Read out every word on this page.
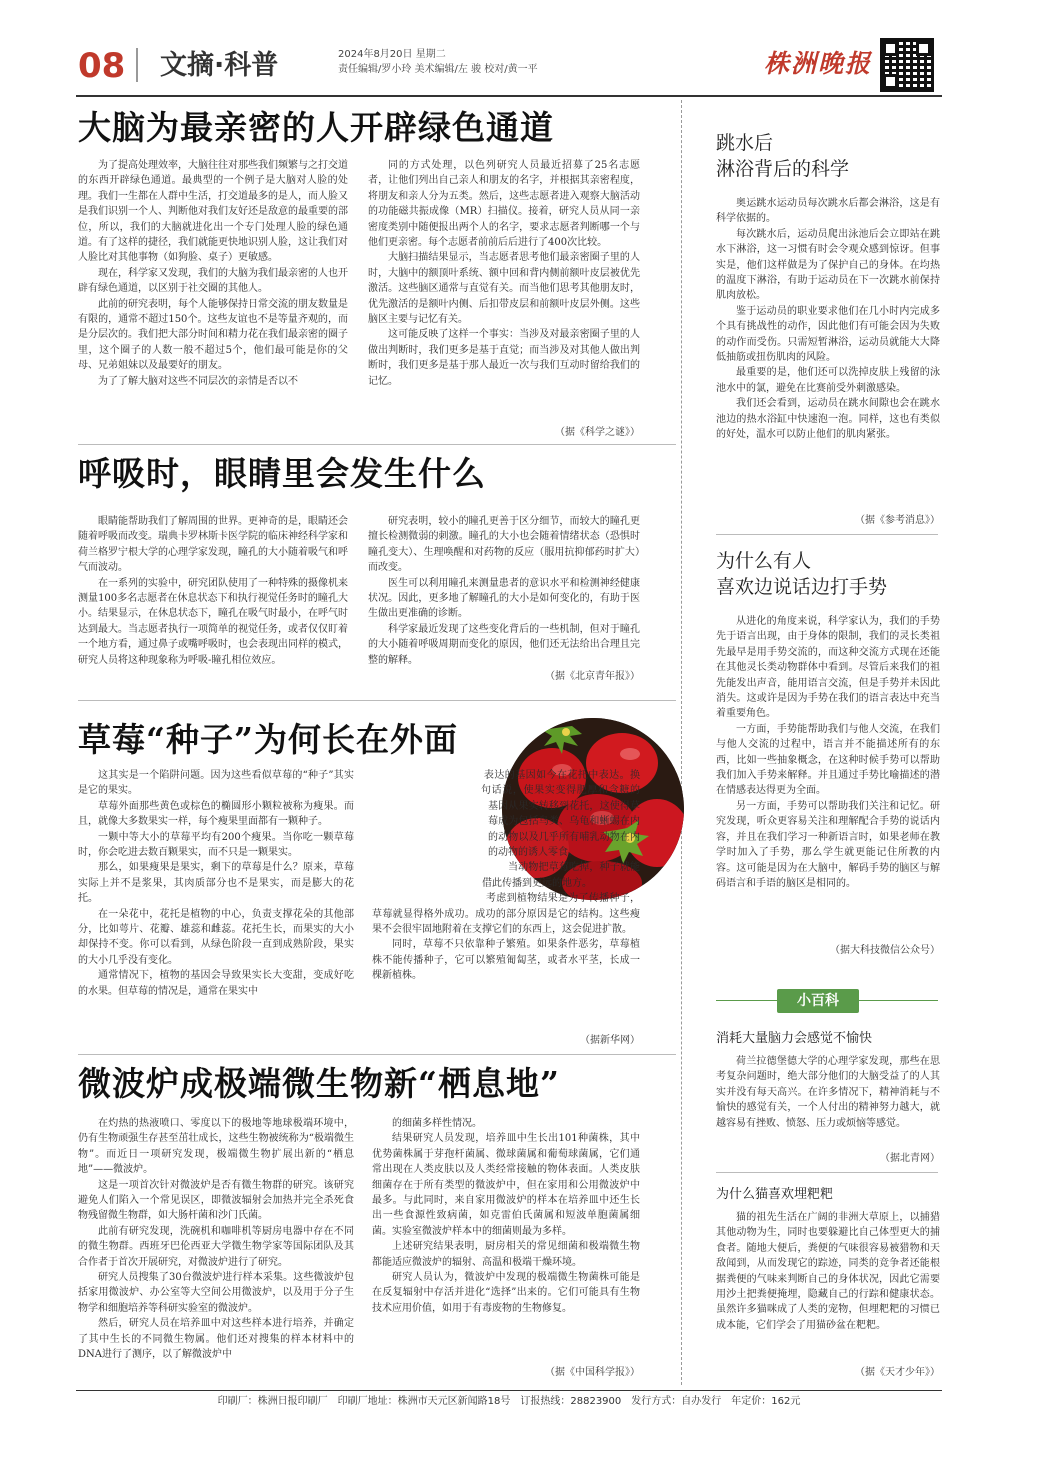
08 文摘·科普	2024年8月20日 星期二
责任编辑/罗小玲 美术编辑/左 骏 校对/黄一平	株洲晚报
大脑为最亲密的人开辟绿色通道
为了提高处理效率，大脑往往对那些我们频繁与之打交道的东西开辟绿色通道。最典型的一个例子是大脑对人脸的处理。我们一生都在人群中生活，打交道最多的是人，而人脸又是我们识别一个人、判断他对我们友好还是敌意的最重要的部位，所以，我们的大脑就进化出一个专门处理人脸的绿色通道。有了这样的捷径，我们就能更快地识别人脸，这让我们对人脸比对其他事物（如狗脸、桌子）更敏感。
现在，科学家又发现，我们的大脑为我们最亲密的人也开辟有绿色通道，以区别于社交圈的其他人。
此前的研究表明，每个人能够保持日常交流的朋友数量是有限的，通常不超过150个。这些友谊也不是等量齐观的，而是分层次的。我们把大部分时间和精力花在我们最亲密的圈子里，这个圈子的人数一般不超过5个，他们最可能是你的父母、兄弟姐妹以及最要好的朋友。
为了了解大脑对这些不同层次的亲情是否以不
同的方式处理，以色列研究人员最近招募了25名志愿者，让他们列出自己亲人和朋友的名字，并根据其亲密程度，将朋友和亲人分为五类。然后，这些志愿者进入观察大脑活动的功能磁共振成像（MR）扫描仪。接着，研究人员从同一亲密度类别中随便报出两个人的名字，要求志愿者判断哪一个与他们更亲密。每个志愿者前前后后进行了400次比较。
大脑扫描结果显示，当志愿者思考他们最亲密圈子里的人时，大脑中的额顶叶系统、额中回和背内侧前额叶皮层被优先激活。这些脑区通常与直觉有关。而当他们思考其他朋友时，优先激活的是额叶内侧、后扣带皮层和前额叶皮层外侧。这些脑区主要与记忆有关。
这可能反映了这样一个事实：当涉及对最亲密圈子里的人做出判断时，我们更多是基于直觉；而当涉及对其他人做出判断时，我们更多是基于那人最近一次与我们互动时留给我们的记忆。
（据《科学之谜》）
呼吸时，眼睛里会发生什么
眼睛能帮助我们了解周围的世界。更神奇的是，眼睛还会随着呼吸而改变。瑞典卡罗林斯卡医学院的临床神经科学家和荷兰格罗宁根大学的心理学家发现，瞳孔的大小随着吸气和呼气而波动。
在一系列的实验中，研究团队使用了一种特殊的摄像机来测量100多名志愿者在休息状态下和执行视觉任务时的瞳孔大小。结果显示，在休息状态下，瞳孔在吸气时最小，在呼气时达到最大。当志愿者执行一项简单的视觉任务，或者仅仅盯着一个地方看，通过鼻子或嘴呼吸时，也会表现出同样的模式，研究人员将这种现象称为呼吸-瞳孔相位效应。
研究表明，较小的瞳孔更善于区分细节，而较大的瞳孔更擅长检测微弱的刺激。瞳孔的大小也会随着情绪状态（恐惧时瞳孔变大）、生理唤醒和对药物的反应（服用抗抑郁药时扩大）而改变。
医生可以利用瞳孔来测量患者的意识水平和检测神经健康状况。因此，更多地了解瞳孔的大小是如何变化的，有助于医生做出更准确的诊断。
科学家最近发现了这些变化背后的一些机制，但对于瞳孔的大小随着呼吸周期而变化的原因，他们还无法给出合理且完整的解释。
（据《北京青年报》）
草莓“种子”为何长在外面
这其实是一个陷阱问题。因为这些看似草莓的“种子”其实是它的果实。
草莓外面那些黄色或棕色的椭圆形小颗粒被称为瘦果。而且，就像大多数果实一样，每个瘦果里面都有一颗种子。
一颗中等大小的草莓平均有200个瘦果。当你吃一颗草莓时，你会吃进去数百颗果实，而不只是一颗果实。
那么，如果瘦果是果实，剩下的草莓是什么？原来，草莓实际上并不是浆果，其肉质部分也不是果实，而是膨大的花托。
在一朵花中，花托是植物的中心，负责支撑花朵的其他部分，比如萼片、花瓣、雄蕊和雌蕊。花托生长，而果实的大小却保持不变。你可以看到，从绿色阶段一直到成熟阶段，果实的大小几乎没有变化。
通常情况下，植物的基因会导致果实长大变甜，变成好吃的水果。但草莓的情况是，通常在果实中
表达的基因如今在花托中表达。换句话说，使果实变得肥厚和含糖的基因从果实转移到花托，这使得草莓成为包括鸟类、乌龟和蜥蜴在内的动物以及几乎所有哺乳动物在内的动物的诱人零食。
当动物把草莓吃掉，种子就能借此传播到更远的地方。
考虑到植物结果是为了传播种子，草莓就显得格外成功。成功的部分原因是它的结构。这些瘦果不会很牢固地附着在支撑它们的东西上，这会促进扩散。
同时，草莓不只依靠种子繁殖。如果条件恶劣，草莓植株不能传播种子，它可以繁殖匍匐茎，或者水平茎，长成一棵新植株。
（据新华网）
微波炉成极端微生物新“栖息地”
在灼热的热液喷口、零度以下的极地等地球极端环境中，仍有生物顽强生存甚至茁壮成长，这些生物被统称为“极端微生物”。而近日一项研究发现，极端微生物扩展出新的“栖息地”——微波炉。
这是一项首次针对微波炉是否有微生物群的研究。该研究避免人们陷入一个常见误区，即微波辐射会加热并完全杀死食物残留微生物群，如大肠杆菌和沙门氏菌。
此前有研究发现，洗碗机和咖啡机等厨房电器中存在不同的微生物群。西班牙巴伦西亚大学微生物学家等国际团队及其合作者于首次开展研究，对微波炉进行了研究。
研究人员搜集了30台微波炉进行样本采集。这些微波炉包括家用微波炉、办公室等大空间公用微波炉，以及用于分子生物学和细胞培养等科研实验室的微波炉。
然后，研究人员在培养皿中对这些样本进行培养，并确定了其中生长的不同微生物属。他们还对搜集的样本材料中的DNA进行了测序，以了解微波炉中
的细菌多样性情况。
结果研究人员发现，培养皿中生长出101种菌株，其中优势菌株属于芽孢杆菌属、微球菌属和葡萄球菌属，它们通常出现在人类皮肤以及人类经常接触的物体表面。人类皮肤细菌存在于所有类型的微波炉中，但在家用和公用微波炉中最多。与此同时，来自家用微波炉的样本在培养皿中还生长出一些食源性致病菌，如克雷伯氏菌属和短波单胞菌属细菌。实验室微波炉样本中的细菌则最为多样。
上述研究结果表明，厨房相关的常见细菌和极端微生物都能适应微波炉的辐射、高温和极端干燥环境。
研究人员认为，微波炉中发现的极端微生物菌株可能是在反复辐射中存活并进化“选择”出来的。它们可能具有生物技术应用价值，如用于有毒废物的生物修复。
（据《中国科学报》）
跳水后
淋浴背后的科学
奥运跳水运动员每次跳水后都会淋浴，这是有科学依据的。
每次跳水后，运动员爬出泳池后会立即站在跳水下淋浴，这一习惯有时会令观众感到惊讶。但事实是，他们这样做是为了保护自己的身体。在均热的温度下淋浴，有助于运动员在下一次跳水前保持肌肉放松。
鉴于运动员的职业要求他们在几小时内完成多个具有挑战性的动作，因此他们有可能会因为失败的动作而受伤。只需短暂淋浴，运动员就能大大降低抽筋或扭伤肌肉的风险。
最重要的是，他们还可以洗掉皮肤上残留的泳池水中的氯，避免在比赛前受外刺激感染。
我们还会看到，运动员在跳水间隙也会在跳水池边的热水浴缸中快速泡一泡。同样，这也有类似的好处，温水可以防止他们的肌肉紧张。
（据《参考消息》）
为什么有人
喜欢边说话边打手势
从进化的角度来说，科学家认为，我们的手势先于语言出现，由于身体的限制，我们的灵长类祖先最早是用手势交流的，而这种交流方式现在还能在其他灵长类动物群体中看到。尽管后来我们的祖先能发出声音，能用语言交流，但是手势并未因此消失。这或许是因为手势在我们的语言表达中充当着重要角色。
一方面，手势能帮助我们与他人交流，在我们与他人交流的过程中，语言并不能描述所有的东西，比如一些抽象概念，在这种时候手势可以帮助我们加入手势来解释。并且通过手势比喻描述的潜在情感表达得更为全面。
另一方面，手势可以帮助我们关注和记忆。研究发现，听众更容易关注和理解配合手势的说话内容，并且在我们学习一种新语言时，如果老师在教学时加入了手势，那么学生就更能记住所教的内容。这可能是因为在大脑中，解码手势的脑区与解码语言和手语的脑区是相同的。
（据大科技微信公众号）
小百科
消耗大量脑力会感觉不愉快
荷兰拉德堡德大学的心理学家发现，那些在思考复杂问题时，绝大部分他们的大脑受益了的人其实并没有每天高兴。在许多情况下，精神消耗与不愉快的感觉有关，一个人付出的精神努力越大，就越容易有挫败、愤怒、压力或烦恼等感觉。
（据北青网）
为什么猫喜欢埋粑粑
猫的祖先生活在广阔的非洲大草原上，以捕猎其他动物为生，同时也要躲避比自己体型更大的捕食者。随地大便后，粪便的气味很容易被猎物和天敌闻到，从而发现它的踪迹，同类的竞争者还能根据粪便的气味来判断自己的身体状况，因此它需要用沙土把粪便掩埋，隐藏自己的行踪和健康状态。虽然许多猫咪成了人类的宠物，但埋粑粑的习惯已成本能，它们学会了用猫砂盆在粑粑。
（据《天才少年》）
印刷厂：株洲日报印刷厂　印刷厂地址：株洲市天元区新闻路18号　订报热线：28823900　发行方式：自办发行　年定价：162元
